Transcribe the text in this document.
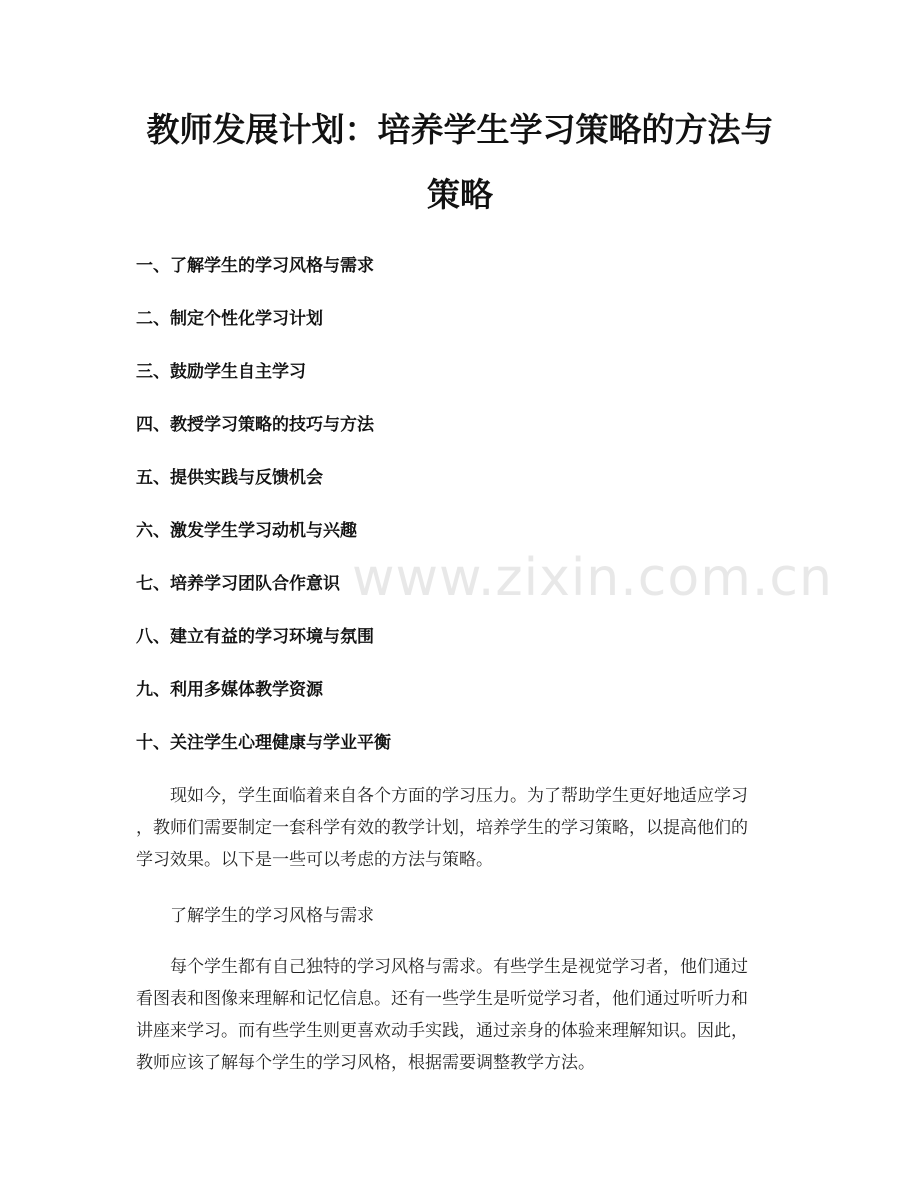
教师发展计划：培养学生学习策略的方法与
策略
一、了解学生的学习风格与需求
二、制定个性化学习计划
三、鼓励学生自主学习
四、教授学习策略的技巧与方法
五、提供实践与反馈机会
六、激发学生学习动机与兴趣
七、培养学习团队合作意识
八、建立有益的学习环境与氛围
九、利用多媒体教学资源
十、关注学生心理健康与学业平衡
现如今，学生面临着来自各个方面的学习压力。为了帮助学生更好地适应学习
，教师们需要制定一套科学有效的教学计划，培养学生的学习策略，以提高他们的
学习效果。以下是一些可以考虑的方法与策略。

了解学生的学习风格与需求

每个学生都有自己独特的学习风格与需求。有些学生是视觉学习者，他们通过
看图表和图像来理解和记忆信息。还有一些学生是听觉学习者，他们通过听听力和
讲座来学习。而有些学生则更喜欢动手实践，通过亲身的体验来理解知识。因此，
教师应该了解每个学生的学习风格，根据需要调整教学方法。
www.zixin.com.cn
